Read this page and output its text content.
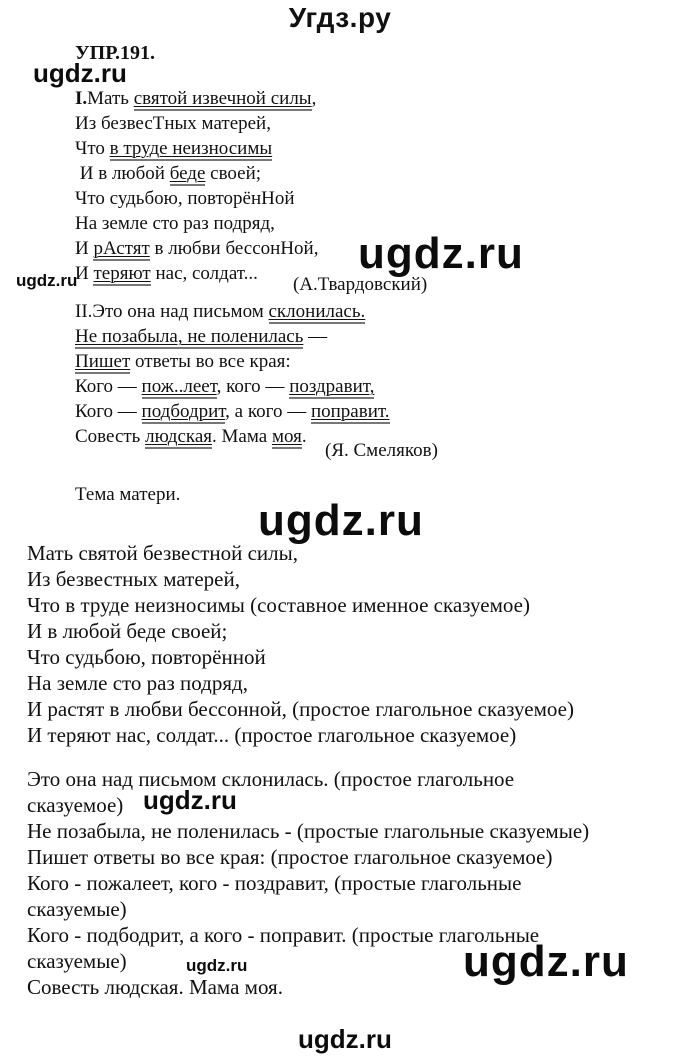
Угдз.ру
УПР.191.
ugdz.ru
ugdz.ru
ugdz.ru
ugdz.ru
ugdz.ru
ugdz.ru
ugdz.ru
ugdz.ru
I.Мать святой извечной силы,
Из безвесТных матерей,
Что в труде неизносимы
И в любой беде своей;
Что судьбою, повторёнНой
На земле сто раз подряд,
И рАстят в любви бессонНой,
И теряют нас, солдат...
(А.Твардовский)
II.Это она над письмом склонилась.
Не позабыла, не поленилась —
Пишет ответы во все края:
Кого — пож..леет, кого — поздравит,
Кого — подбодрит, а кого — поправит.
Совесть людская. Мама моя.
(Я. Смеляков)
Тема матери.
Мать святой безвестной силы,
Из безвестных матерей,
Что в труде неизносимы (составное именное сказуемое)
И в любой беде своей;
Что судьбою, повторённой
На земле сто раз подряд,
И растят в любви бессонной, (простое глагольное сказуемое)
И теряют нас, солдат... (простое глагольное сказуемое)
Это она над письмом склонилась. (простое глагольное
сказуемое)
Не позабыла, не поленилась - (простые глагольные сказуемые)
Пишет ответы во все края: (простое глагольное сказуемое)
Кого - пожалеет, кого - поздравит, (простые глагольные
сказуемые)
Кого - подбодрит, а кого - поправит. (простые глагольные
сказуемые)
Совесть людская. Мама моя.
